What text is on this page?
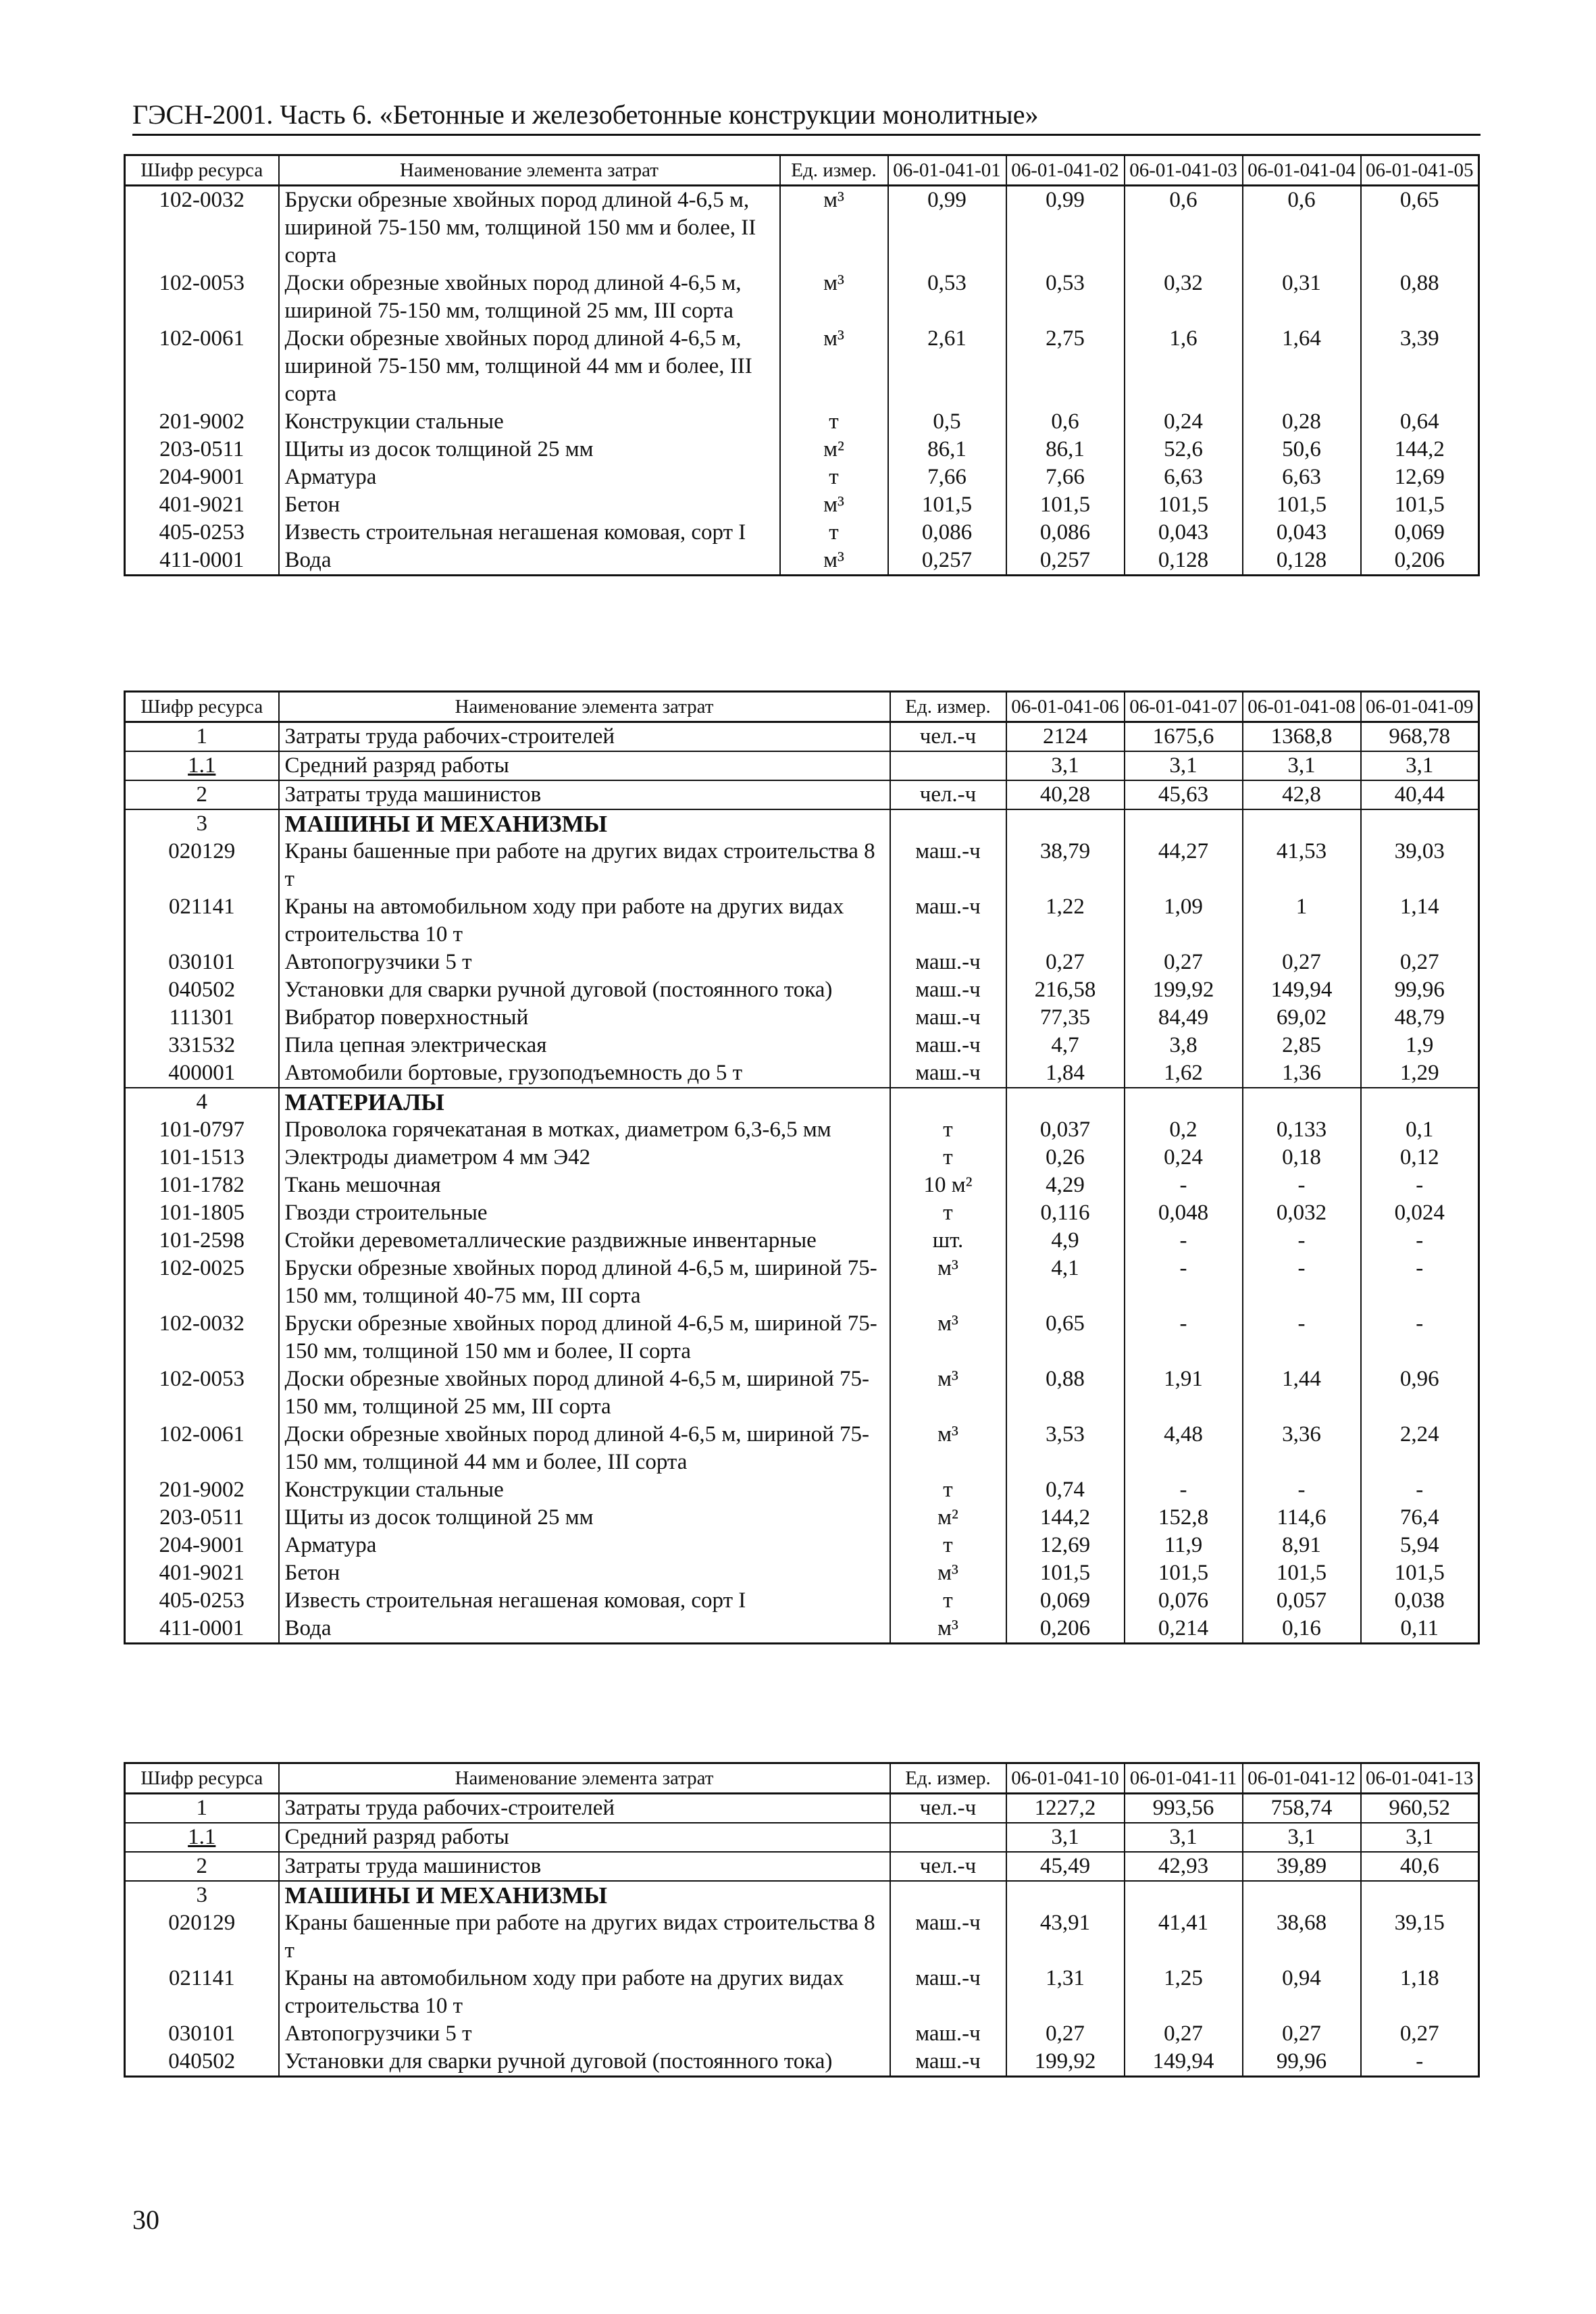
ГЭСН-2001. Часть 6. «Бетонные и железобетонные конструкции монолитные»
Шифр ресурса	Наименование элемента затрат	Ед. измер.	06-01-041-01	06-01-041-02	06-01-041-03	06-01-041-04	06-01-041-05
102-0032	Бруски обрезные хвойных пород длиной 4-6,5 м, шириной 75-150 мм, толщиной 150 мм и более, II сорта	м³	0,99	0,99	0,6	0,6	0,65
102-0053	Доски обрезные хвойных пород длиной 4-6,5 м, шириной 75-150 мм, толщиной 25 мм, III сорта	м³	0,53	0,53	0,32	0,31	0,88
102-0061	Доски обрезные хвойных пород длиной 4-6,5 м, шириной 75-150 мм, толщиной 44 мм и более, III сорта	м³	2,61	2,75	1,6	1,64	3,39
201-9002	Конструкции стальные	т	0,5	0,6	0,24	0,28	0,64
203-0511	Щиты из досок толщиной 25 мм	м²	86,1	86,1	52,6	50,6	144,2
204-9001	Арматура	т	7,66	7,66	6,63	6,63	12,69
401-9021	Бетон	м³	101,5	101,5	101,5	101,5	101,5
405-0253	Известь строительная негашеная комовая, сорт I	т	0,086	0,086	0,043	0,043	0,069
411-0001	Вода	м³	0,257	0,257	0,128	0,128	0,206
Шифр ресурса	Наименование элемента затрат	Ед. измер.	06-01-041-06	06-01-041-07	06-01-041-08	06-01-041-09
1	Затраты труда рабочих-строителей	чел.-ч	2124	1675,6	1368,8	968,78
1.1	Средний разряд работы		3,1	3,1	3,1	3,1
2	Затраты труда машинистов	чел.-ч	40,28	45,63	42,8	40,44
3	МАШИНЫ И МЕХАНИЗМЫ					
020129	Краны башенные при работе на других видах строительства 8 т	маш.-ч	38,79	44,27	41,53	39,03
021141	Краны на автомобильном ходу при работе на других видах строительства 10 т	маш.-ч	1,22	1,09	1	1,14
030101	Автопогрузчики 5 т	маш.-ч	0,27	0,27	0,27	0,27
040502	Установки для сварки ручной дуговой (постоянного тока)	маш.-ч	216,58	199,92	149,94	99,96
111301	Вибратор поверхностный	маш.-ч	77,35	84,49	69,02	48,79
331532	Пила цепная электрическая	маш.-ч	4,7	3,8	2,85	1,9
400001	Автомобили бортовые, грузоподъемность до 5 т	маш.-ч	1,84	1,62	1,36	1,29
4	МАТЕРИАЛЫ					
101-0797	Проволока горячекатаная в мотках, диаметром 6,3-6,5 мм	т	0,037	0,2	0,133	0,1
101-1513	Электроды диаметром 4 мм Э42	т	0,26	0,24	0,18	0,12
101-1782	Ткань мешочная	10 м²	4,29	-	-	-
101-1805	Гвозди строительные	т	0,116	0,048	0,032	0,024
101-2598	Стойки деревометаллические раздвижные инвентарные	шт.	4,9	-	-	-
102-0025	Бруски обрезные хвойных пород длиной 4-6,5 м, шириной 75-150 мм, толщиной 40-75 мм, III сорта	м³	4,1	-	-	-
102-0032	Бруски обрезные хвойных пород длиной 4-6,5 м, шириной 75-150 мм, толщиной 150 мм и более, II сорта	м³	0,65	-	-	-
102-0053	Доски обрезные хвойных пород длиной 4-6,5 м, шириной 75-150 мм, толщиной 25 мм, III сорта	м³	0,88	1,91	1,44	0,96
102-0061	Доски обрезные хвойных пород длиной 4-6,5 м, шириной 75-150 мм, толщиной 44 мм и более, III сорта	м³	3,53	4,48	3,36	2,24
201-9002	Конструкции стальные	т	0,74	-	-	-
203-0511	Щиты из досок толщиной 25 мм	м²	144,2	152,8	114,6	76,4
204-9001	Арматура	т	12,69	11,9	8,91	5,94
401-9021	Бетон	м³	101,5	101,5	101,5	101,5
405-0253	Известь строительная негашеная комовая, сорт I	т	0,069	0,076	0,057	0,038
411-0001	Вода	м³	0,206	0,214	0,16	0,11
Шифр ресурса	Наименование элемента затрат	Ед. измер.	06-01-041-10	06-01-041-11	06-01-041-12	06-01-041-13
1	Затраты труда рабочих-строителей	чел.-ч	1227,2	993,56	758,74	960,52
1.1	Средний разряд работы		3,1	3,1	3,1	3,1
2	Затраты труда машинистов	чел.-ч	45,49	42,93	39,89	40,6
3	МАШИНЫ И МЕХАНИЗМЫ					
020129	Краны башенные при работе на других видах строительства 8 т	маш.-ч	43,91	41,41	38,68	39,15
021141	Краны на автомобильном ходу при работе на других видах строительства 10 т	маш.-ч	1,31	1,25	0,94	1,18
030101	Автопогрузчики 5 т	маш.-ч	0,27	0,27	0,27	0,27
040502	Установки для сварки ручной дуговой (постоянного тока)	маш.-ч	199,92	149,94	99,96	-
30
